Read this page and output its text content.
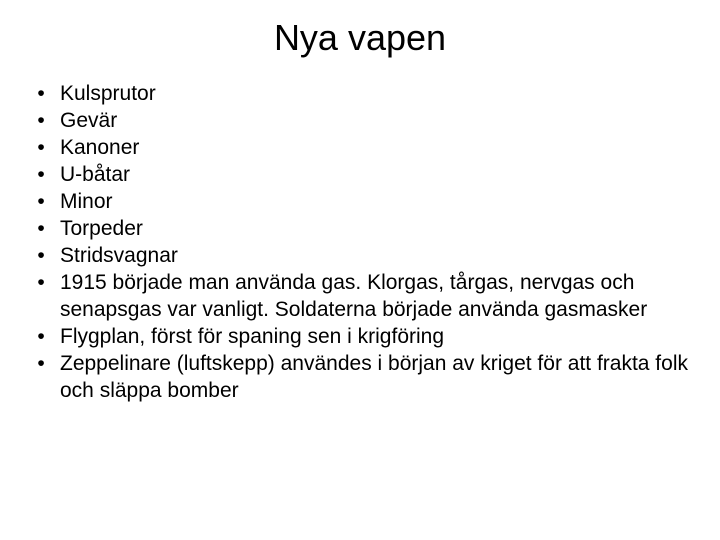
Nya vapen
• Kulsprutor
• Gevär
• Kanoner
• U-båtar
• Minor
• Torpeder
• Stridsvagnar
• 1915 började man använda gas. Klorgas, tårgas, nervgas och senapsgas var vanligt. Soldaterna började använda gasmasker
• Flygplan, först för spaning sen i krigföring
• Zeppelinare (luftskepp) användes i början av kriget för att frakta folk och släppa bomber
